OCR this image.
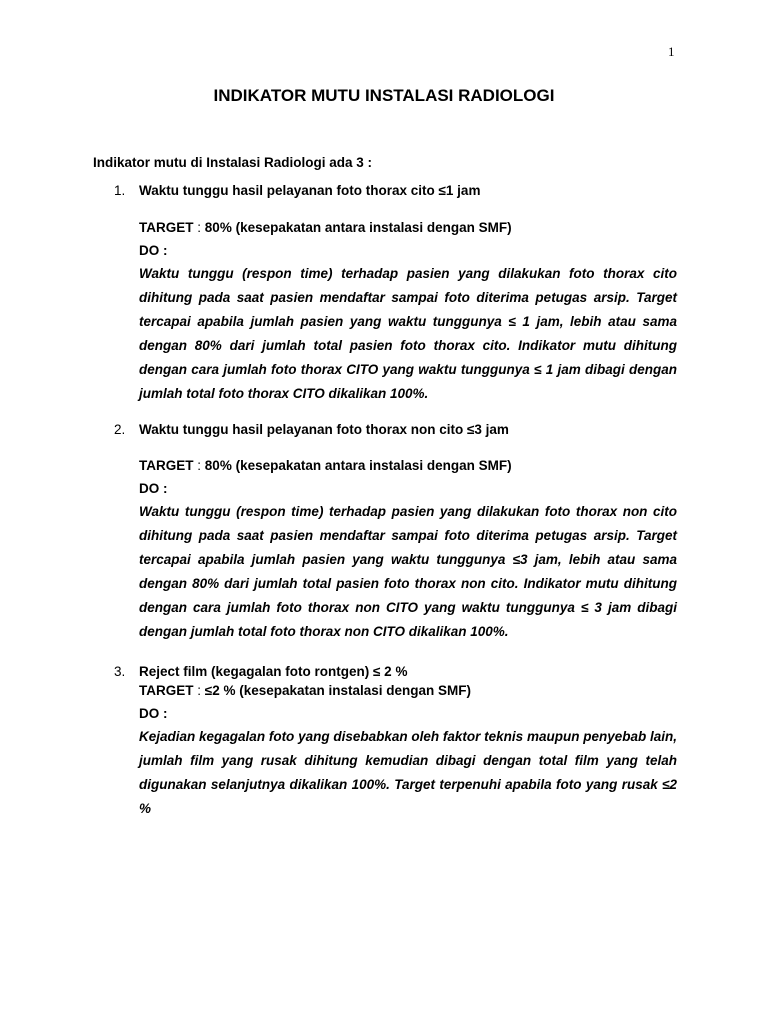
1
INDIKATOR MUTU INSTALASI RADIOLOGI
Indikator mutu di Instalasi Radiologi ada 3 :
1. Waktu tunggu hasil pelayanan foto thorax cito ≤1 jam
TARGET : 80% (kesepakatan antara instalasi dengan SMF)
DO :
Waktu tunggu (respon time) terhadap pasien yang dilakukan foto thorax cito dihitung pada saat pasien mendaftar sampai foto diterima petugas arsip. Target tercapai apabila jumlah pasien yang waktu tunggunya ≤ 1 jam, lebih atau sama dengan 80% dari jumlah total pasien foto thorax cito. Indikator mutu dihitung dengan cara jumlah foto thorax CITO yang waktu tunggunya ≤ 1 jam dibagi dengan jumlah total foto thorax CITO dikalikan 100%.
2. Waktu tunggu hasil pelayanan foto thorax non cito ≤3 jam
TARGET : 80% (kesepakatan antara instalasi dengan SMF)
DO :
Waktu tunggu (respon time) terhadap pasien yang dilakukan foto thorax non cito dihitung pada saat pasien mendaftar sampai foto diterima petugas arsip. Target tercapai apabila jumlah pasien yang waktu tunggunya ≤3 jam, lebih atau sama dengan 80% dari jumlah total pasien foto thorax non cito. Indikator mutu dihitung dengan cara jumlah foto thorax non CITO yang waktu tunggunya ≤ 3 jam dibagi dengan jumlah total foto thorax non CITO dikalikan 100%.
3. Reject film (kegagalan foto rontgen) ≤ 2 %
TARGET : ≤2 % (kesepakatan instalasi dengan SMF)
DO :
Kejadian kegagalan foto yang disebabkan oleh faktor teknis maupun penyebab lain, jumlah film yang rusak dihitung kemudian dibagi dengan total film yang telah digunakan selanjutnya dikalikan 100%. Target terpenuhi apabila foto yang rusak ≤2 %
